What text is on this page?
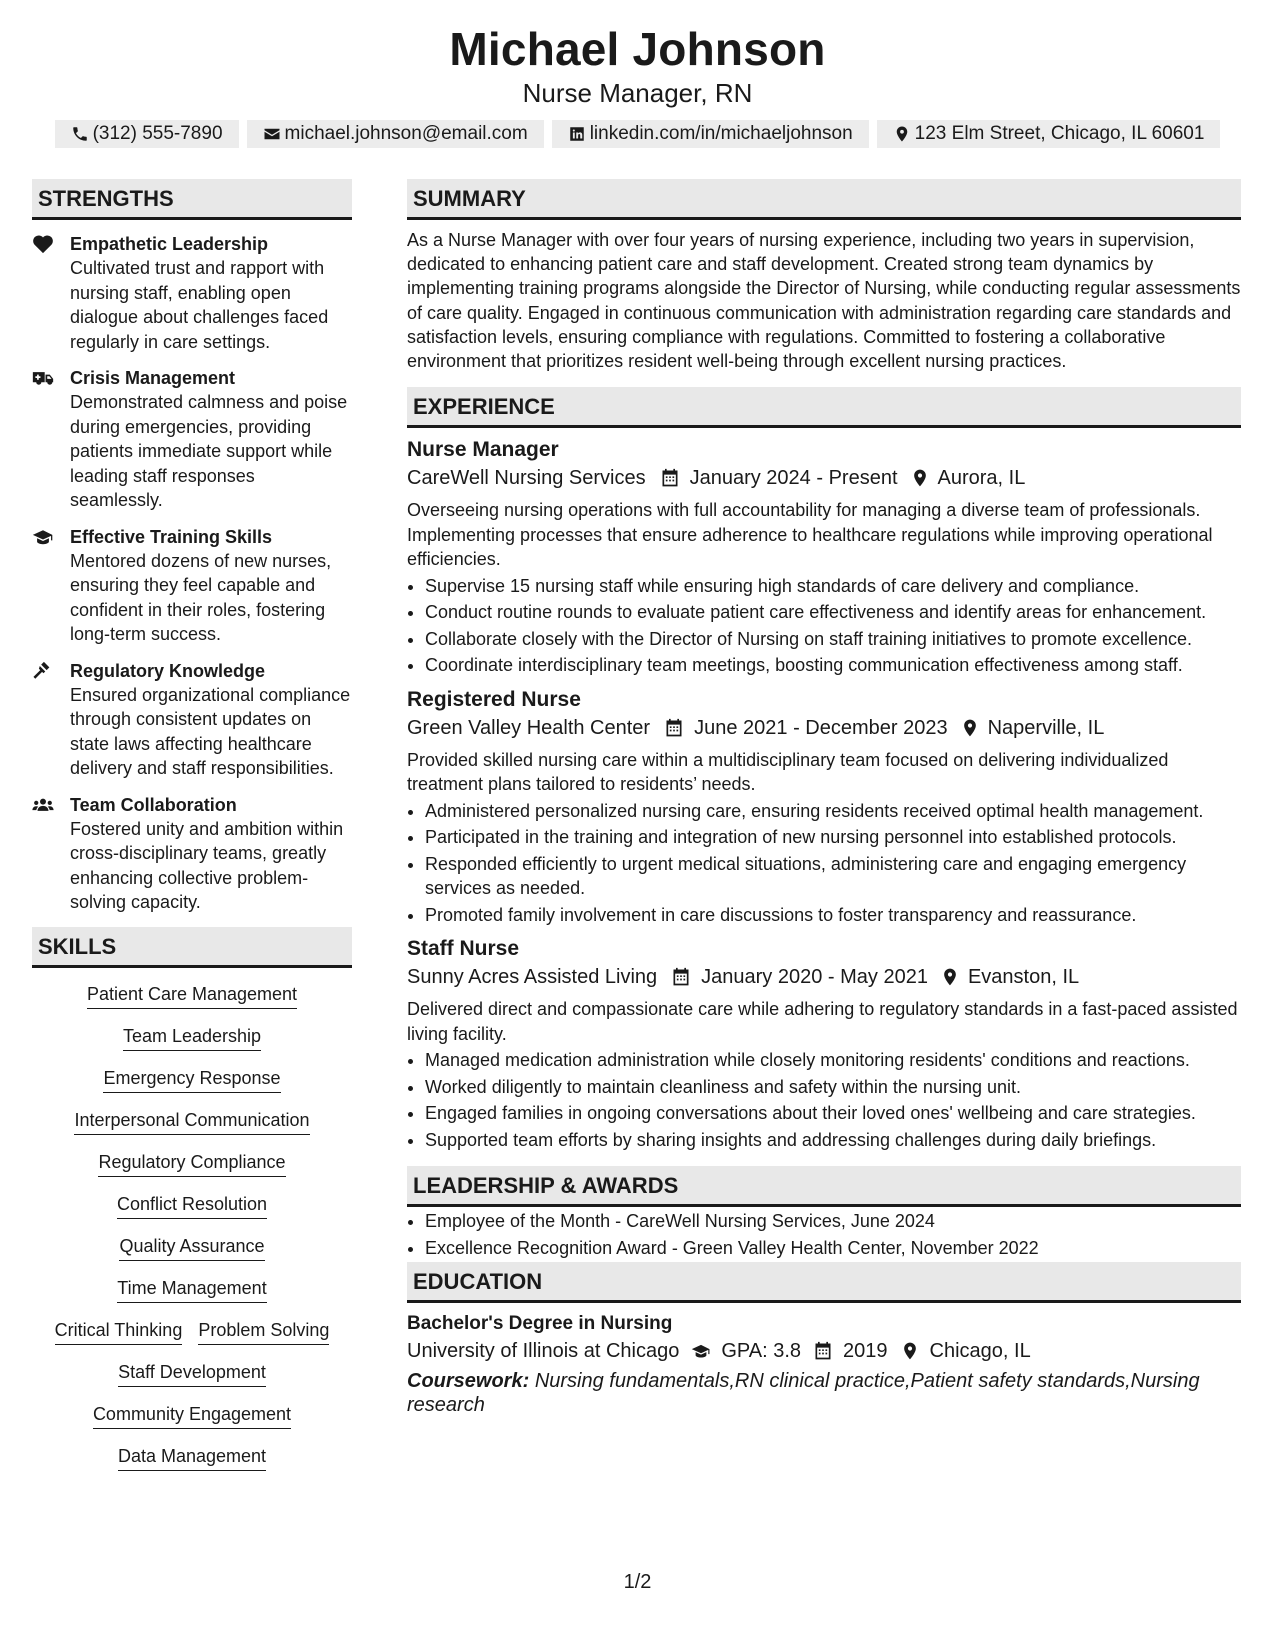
Michael Johnson
Nurse Manager, RN
(312) 555-7890	michael.johnson@email.com	linkedin.com/in/michaeljohnson	123 Elm Street, Chicago, IL 60601
STRENGTHS
Empathetic Leadership
Cultivated trust and rapport with nursing staff, enabling open dialogue about challenges faced regularly in care settings.
Crisis Management
Demonstrated calmness and poise during emergencies, providing patients immediate support while leading staff responses seamlessly.
Effective Training Skills
Mentored dozens of new nurses, ensuring they feel capable and confident in their roles, fostering long-term success.
Regulatory Knowledge
Ensured organizational compliance through consistent updates on state laws affecting healthcare delivery and staff responsibilities.
Team Collaboration
Fostered unity and ambition within cross-disciplinary teams, greatly enhancing collective problem-solving capacity.
SKILLS
Patient Care Management
Team Leadership
Emergency Response
Interpersonal Communication
Regulatory Compliance
Conflict Resolution
Quality Assurance
Time Management
Critical Thinking Problem Solving
Staff Development
Community Engagement
Data Management
SUMMARY
As a Nurse Manager with over four years of nursing experience, including two years in supervision, dedicated to enhancing patient care and staff development. Created strong team dynamics by implementing training programs alongside the Director of Nursing, while conducting regular assessments of care quality. Engaged in continuous communication with administration regarding care standards and satisfaction levels, ensuring compliance with regulations. Committed to fostering a collaborative environment that prioritizes resident well-being through excellent nursing practices.
EXPERIENCE
Nurse Manager
CareWell Nursing Services January 2024 - Present Aurora, IL
Overseeing nursing operations with full accountability for managing a diverse team of professionals. Implementing processes that ensure adherence to healthcare regulations while improving operational efficiencies.
• Supervise 15 nursing staff while ensuring high standards of care delivery and compliance.
• Conduct routine rounds to evaluate patient care effectiveness and identify areas for enhancement.
• Collaborate closely with the Director of Nursing on staff training initiatives to promote excellence.
• Coordinate interdisciplinary team meetings, boosting communication effectiveness among staff.
Registered Nurse
Green Valley Health Center June 2021 - December 2023 Naperville, IL
Provided skilled nursing care within a multidisciplinary team focused on delivering individualized treatment plans tailored to residents’ needs.
• Administered personalized nursing care, ensuring residents received optimal health management.
• Participated in the training and integration of new nursing personnel into established protocols.
• Responded efficiently to urgent medical situations, administering care and engaging emergency services as needed.
• Promoted family involvement in care discussions to foster transparency and reassurance.
Staff Nurse
Sunny Acres Assisted Living January 2020 - May 2021 Evanston, IL
Delivered direct and compassionate care while adhering to regulatory standards in a fast-paced assisted living facility.
• Managed medication administration while closely monitoring residents' conditions and reactions.
• Worked diligently to maintain cleanliness and safety within the nursing unit.
• Engaged families in ongoing conversations about their loved ones' wellbeing and care strategies.
• Supported team efforts by sharing insights and addressing challenges during daily briefings.
LEADERSHIP & AWARDS
• Employee of the Month - CareWell Nursing Services, June 2024
• Excellence Recognition Award - Green Valley Health Center, November 2022
EDUCATION
Bachelor's Degree in Nursing
University of Illinois at Chicago GPA: 3.8 2019 Chicago, IL
Coursework: Nursing fundamentals,RN clinical practice,Patient safety standards,Nursing research
1/2
